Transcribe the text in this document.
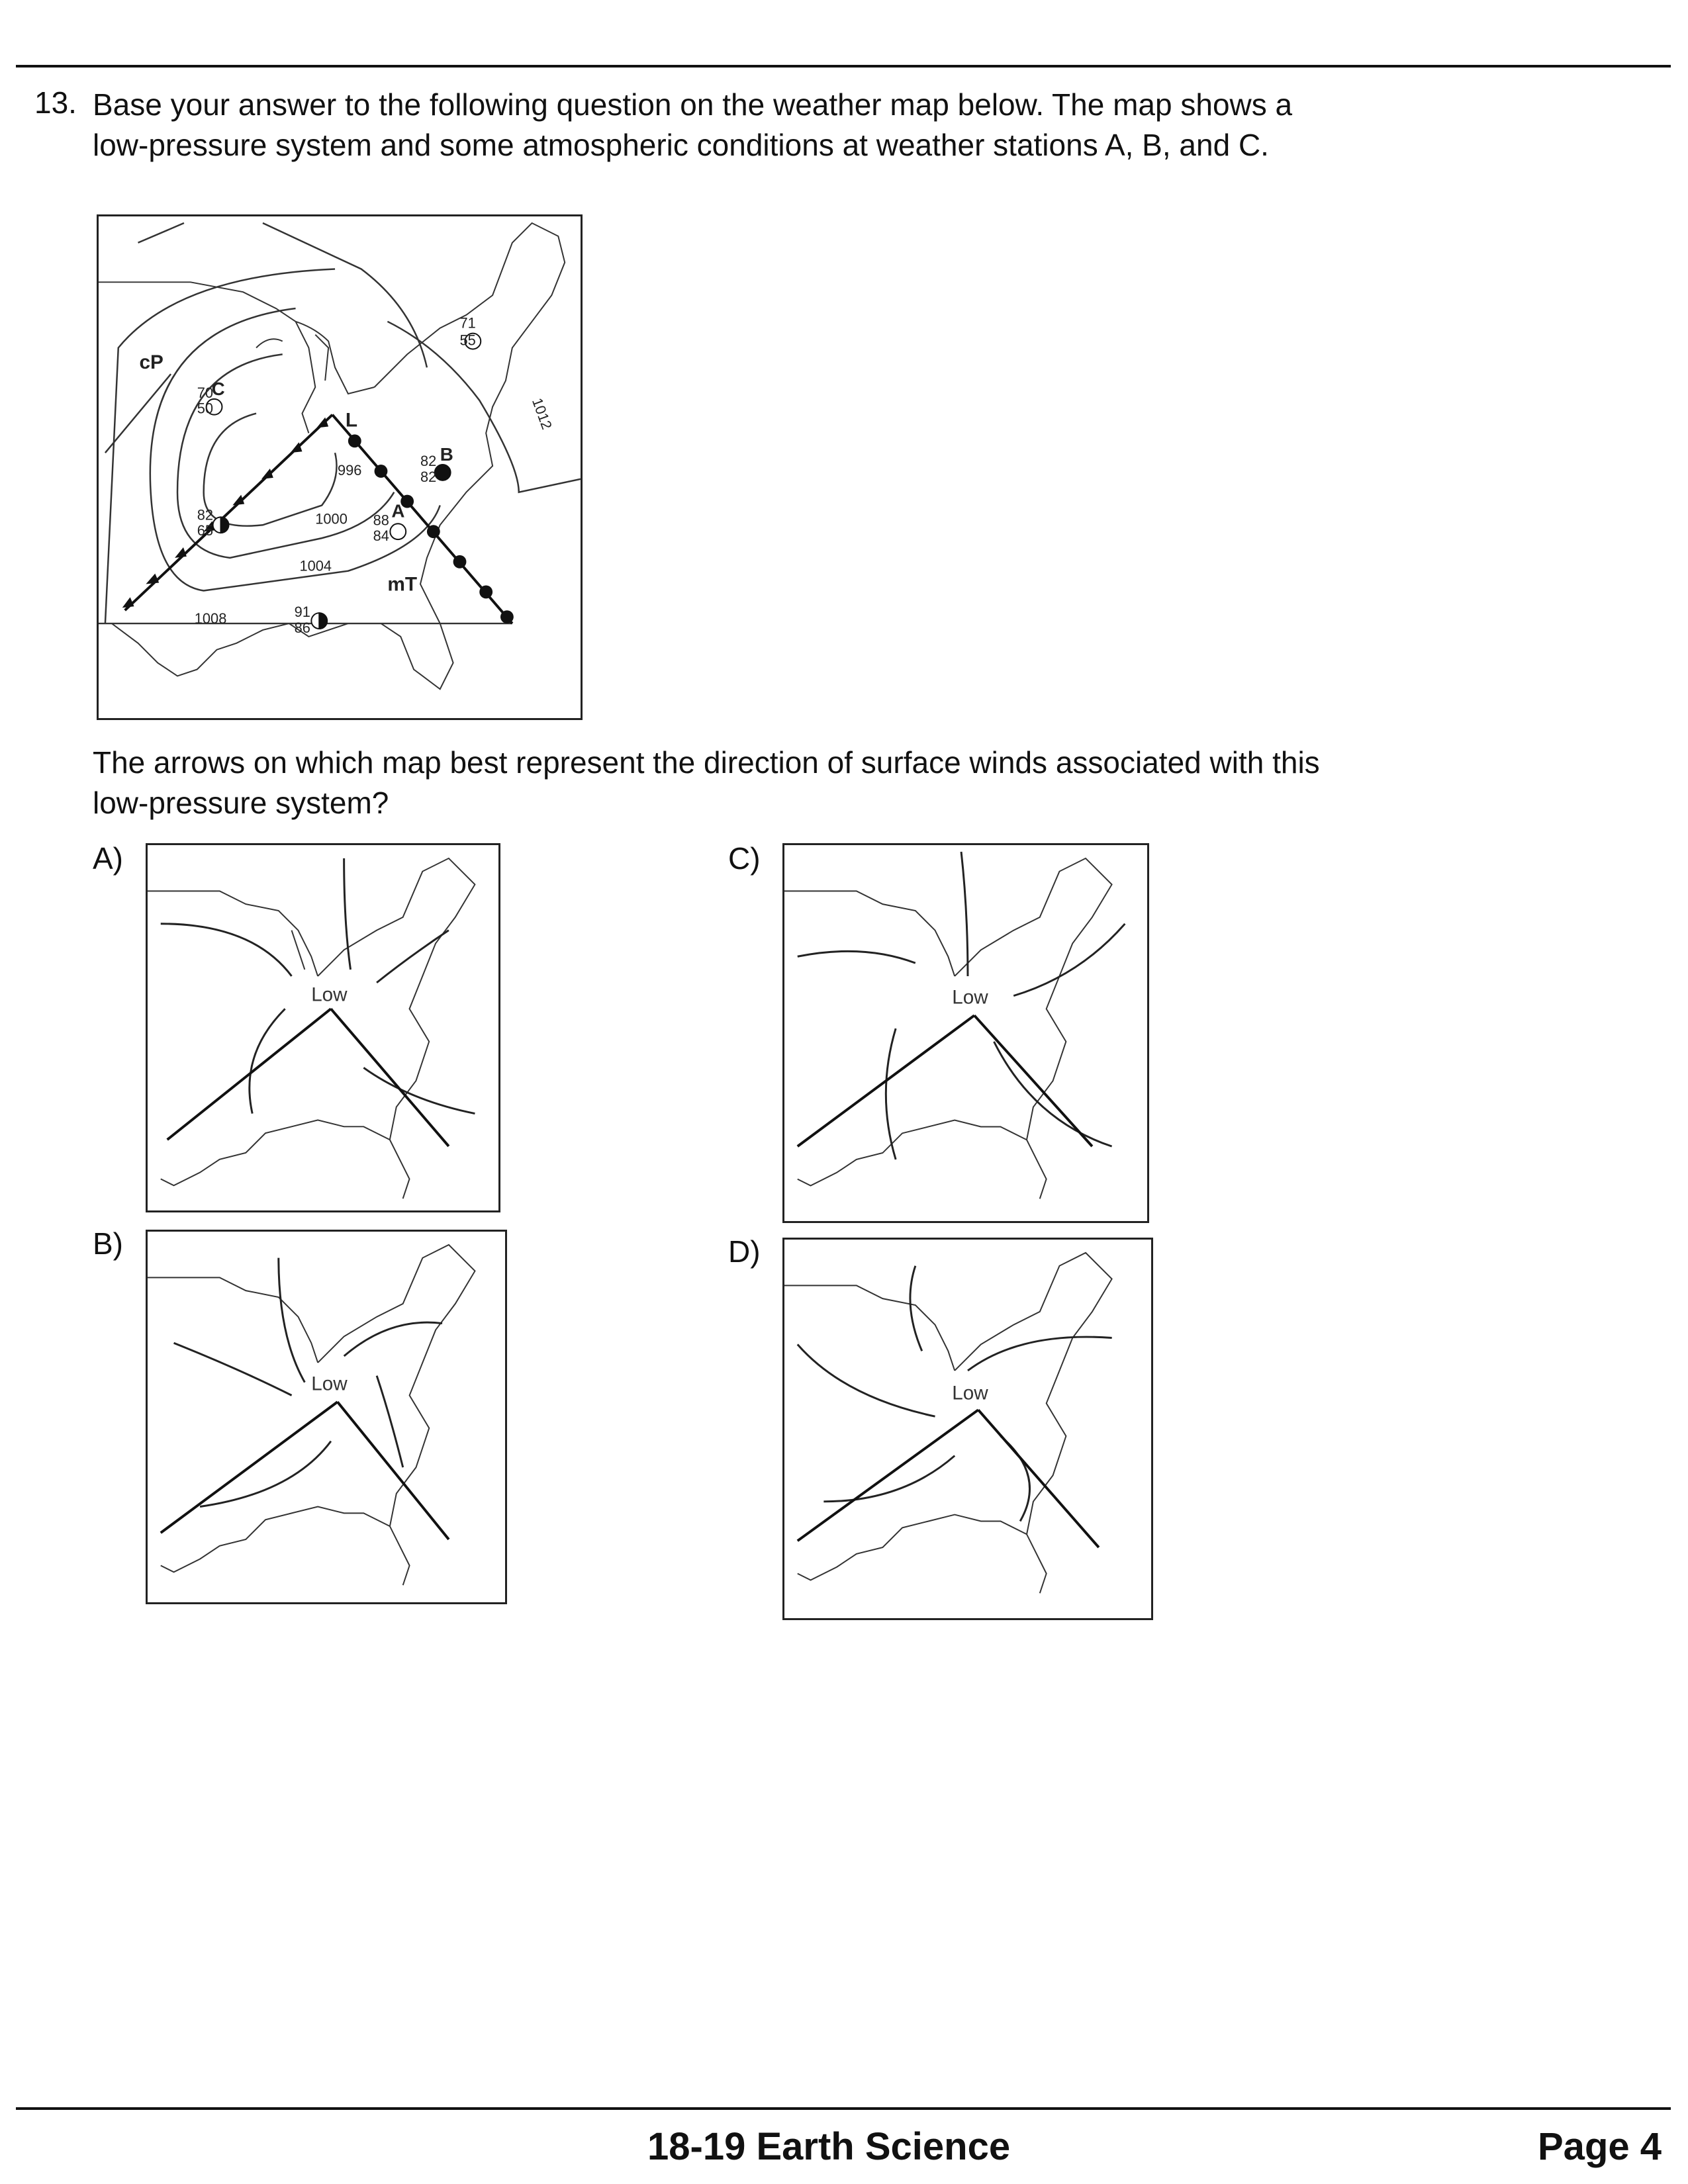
13. Base your answer to the following question on the weather map below. The map shows a
low-pressure system and some atmospheric conditions at weather stations A, B, and C.
cP
mT
L
996
1000
1004
1008
1012
71
55
70
50
C
82
82
B
88
84
A
82
65
91
86
The arrows on which map best represent the direction of surface winds associated with this
low-pressure system?
A)
B)
C)
D)
Low
Low
Low
Low
18-19 Earth Science	Page 4
